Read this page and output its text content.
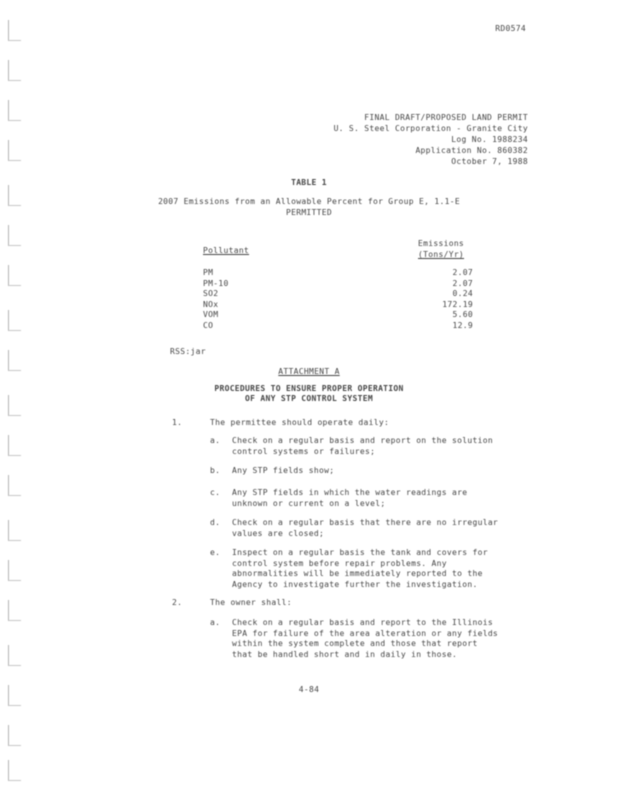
RD0574
FINAL DRAFT/PROPOSED LAND PERMIT
U. S. Steel Corporation - Granite City
Log No. 1988234
Application No. 860382
October 7, 1988
TABLE 1
2007 Emissions from an Allowable Percent for Group E, 1.1-E
PERMITTED
Pollutant
Emissions
(Tons/Yr)
PM	2.07
PM-10	2.07
SO2	0.24
NOx	172.19
VOM	5.60
CO	12.9
RSS:jar
ATTACHMENT A
PROCEDURES TO ENSURE PROPER OPERATION
OF ANY STP CONTROL SYSTEM
1.	The permittee should operate daily:
a. Check on a regular basis and report on the solution control systems or failures;
b. Any STP fields show;
c. Any STP fields in which the water readings are unknown or current on a level;
d. Check on a regular basis that there are no irregular values are closed;
e. Inspect on a regular basis the tank and covers for control system before repair problems. Any abnormalities will be immediately reported to the Agency to investigate further the investigation.
2.	The owner shall:
a. Check on a regular basis and report to the Illinois EPA for failure of the area alteration or any fields within the system complete and those that report that be handled short and in daily in those.
4-84
